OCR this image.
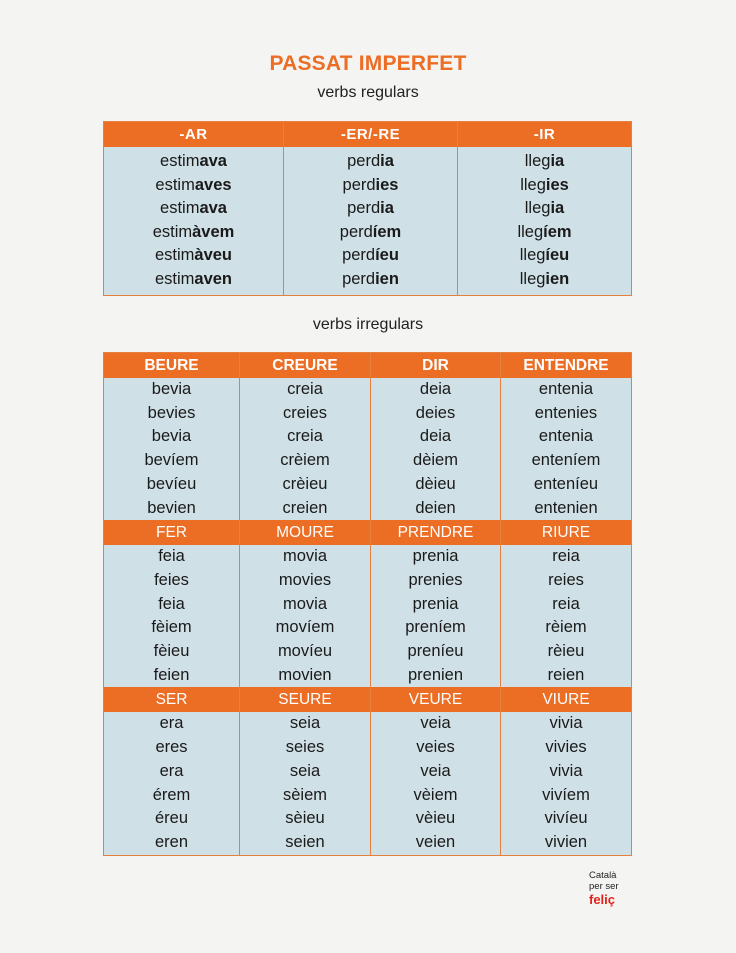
PASSAT IMPERFET
verbs regulars
-AR	-ER/-RE	-IR
estimava	perdia	llegia
estimaves	perdies	llegies
estimava	perdia	llegia
estimàvem	perdíem	llegíem
estimàveu	perdíeu	llegíeu
estimaven	perdien	llegien
verbs irregulars
BEURE	CREURE	DIR	ENTENDRE
bevia	creia	deia	entenia
bevies	creies	deies	entenies
bevia	creia	deia	entenia
bevíem	crèiem	dèiem	enteníem
bevíeu	crèieu	dèieu	enteníeu
bevien	creien	deien	entenien
FER	MOURE	PRENDRE	RIURE
feia	movia	prenia	reia
feies	movies	prenies	reies
feia	movia	prenia	reia
fèiem	movíem	preníem	rèiem
fèieu	movíeu	preníeu	rèieu
feien	movien	prenien	reien
SER	SEURE	VEURE	VIURE
era	seia	veia	vivia
eres	seies	veies	vivies
era	seia	veia	vivia
érem	sèiem	vèiem	vivíem
éreu	sèieu	vèieu	vivíeu
eren	seien	veien	vivien
Català
per ser
feliç
